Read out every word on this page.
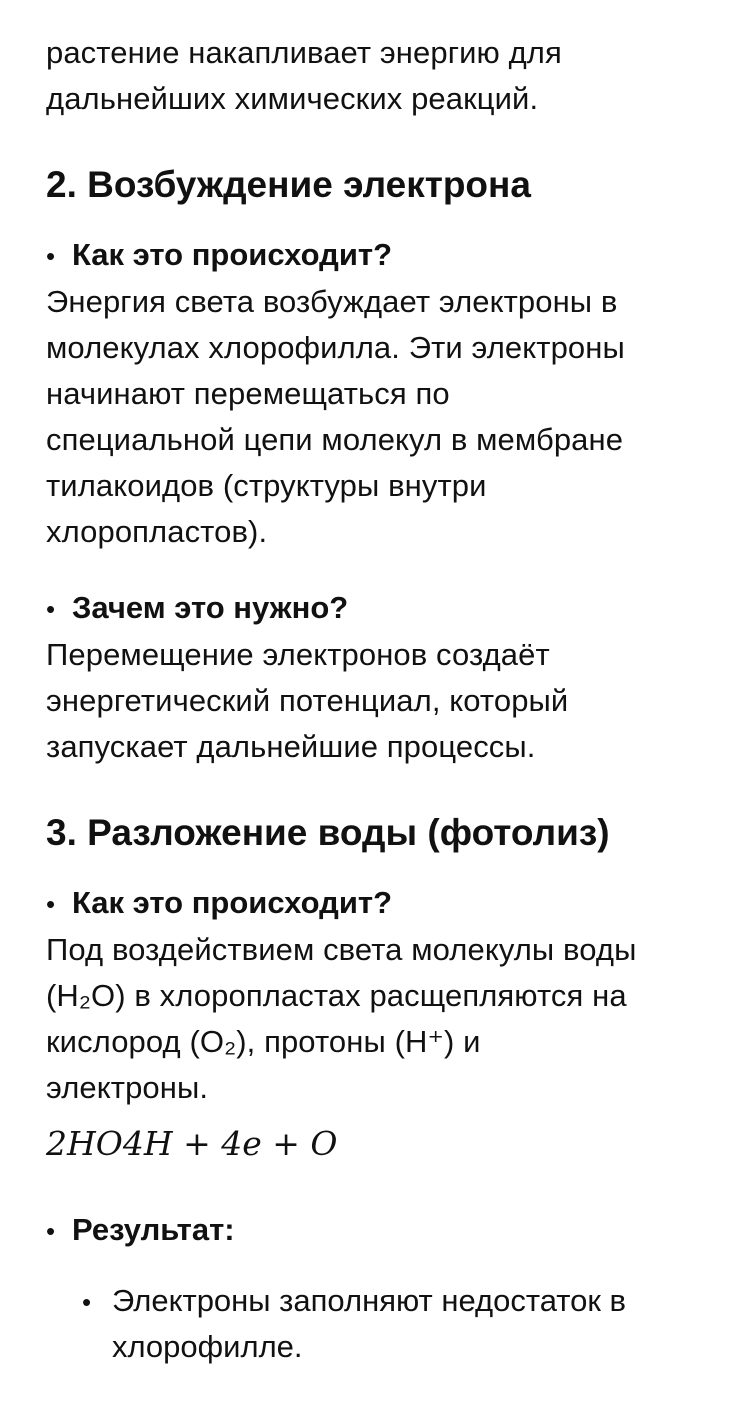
растение накапливает энергию для
дальнейших химических реакций.

2. Возбуждение электрона
• Как это происходит?

Энергия света возбуждает электроны в
молекулах хлорофилла. Эти электроны
начинают перемещаться по
специальной цепи молекул в мембране
тилакоидов (структуры внутри
хлоропластов).

• Зачем это нужно?

Перемещение электронов создаёт
энергетический потенциал, который
запускает дальнейшие процессы.

3. Разложение воды (фотолиз)
• Как это происходит?

Под воздействием света молекулы воды
(H₂O) в хлоропластах расщепляются на
кислород (O₂), протоны (H⁺) и
электроны.

2HO4H + 4e + O

• Результат:
• Электроны заполняют недостаток в
хлорофилле.
